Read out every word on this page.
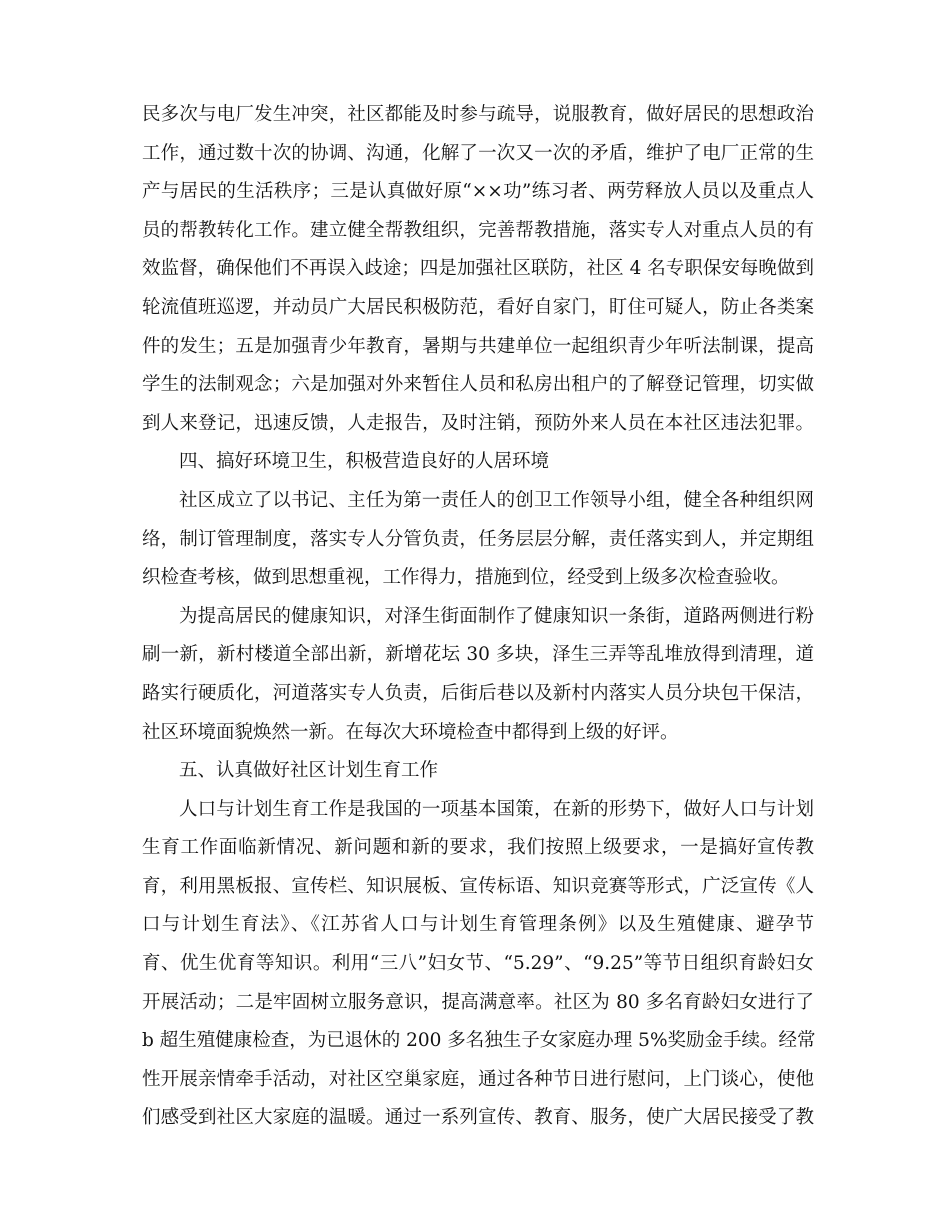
民多次与电厂发生冲突，社区都能及时参与疏导，说服教育，做好居民的思想政治
工作，通过数十次的协调、沟通，化解了一次又一次的矛盾，维护了电厂正常的生
产与居民的生活秩序；三是认真做好原“××功”练习者、两劳释放人员以及重点人
员的帮教转化工作。建立健全帮教组织，完善帮教措施，落实专人对重点人员的有
效监督，确保他们不再误入歧途；四是加强社区联防，社区 4 名专职保安每晚做到
轮流值班巡逻，并动员广大居民积极防范，看好自家门，盯住可疑人，防止各类案
件的发生；五是加强青少年教育，暑期与共建单位一起组织青少年听法制课，提高
学生的法制观念；六是加强对外来暂住人员和私房出租户的了解登记管理，切实做
到人来登记，迅速反馈，人走报告，及时注销，预防外来人员在本社区违法犯罪。
四、搞好环境卫生，积极营造良好的人居环境
社区成立了以书记、主任为第一责任人的创卫工作领导小组，健全各种组织网
络，制订管理制度，落实专人分管负责，任务层层分解，责任落实到人，并定期组
织检查考核，做到思想重视，工作得力，措施到位，经受到上级多次检查验收。
为提高居民的健康知识，对泽生街面制作了健康知识一条街，道路两侧进行粉
刷一新，新村楼道全部出新，新增花坛 30 多块，泽生三弄等乱堆放得到清理，道
路实行硬质化，河道落实专人负责，后街后巷以及新村内落实人员分块包干保洁，
社区环境面貌焕然一新。在每次大环境检查中都得到上级的好评。
五、认真做好社区计划生育工作
人口与计划生育工作是我国的一项基本国策，在新的形势下，做好人口与计划
生育工作面临新情况、新问题和新的要求，我们按照上级要求，一是搞好宣传教
育，利用黑板报、宣传栏、知识展板、宣传标语、知识竞赛等形式，广泛宣传《人
口与计划生育法》、《江苏省人口与计划生育管理条例》以及生殖健康、避孕节
育、优生优育等知识。利用“三八”妇女节、“5.29”、“9.25”等节日组织育龄妇女
开展活动；二是牢固树立服务意识，提高满意率。社区为 80 多名育龄妇女进行了
b 超生殖健康检查，为已退休的 200 多名独生子女家庭办理 5%奖励金手续。经常
性开展亲情牵手活动，对社区空巢家庭，通过各种节日进行慰问，上门谈心，使他
们感受到社区大家庭的温暖。通过一系列宣传、教育、服务，使广大居民接受了教
